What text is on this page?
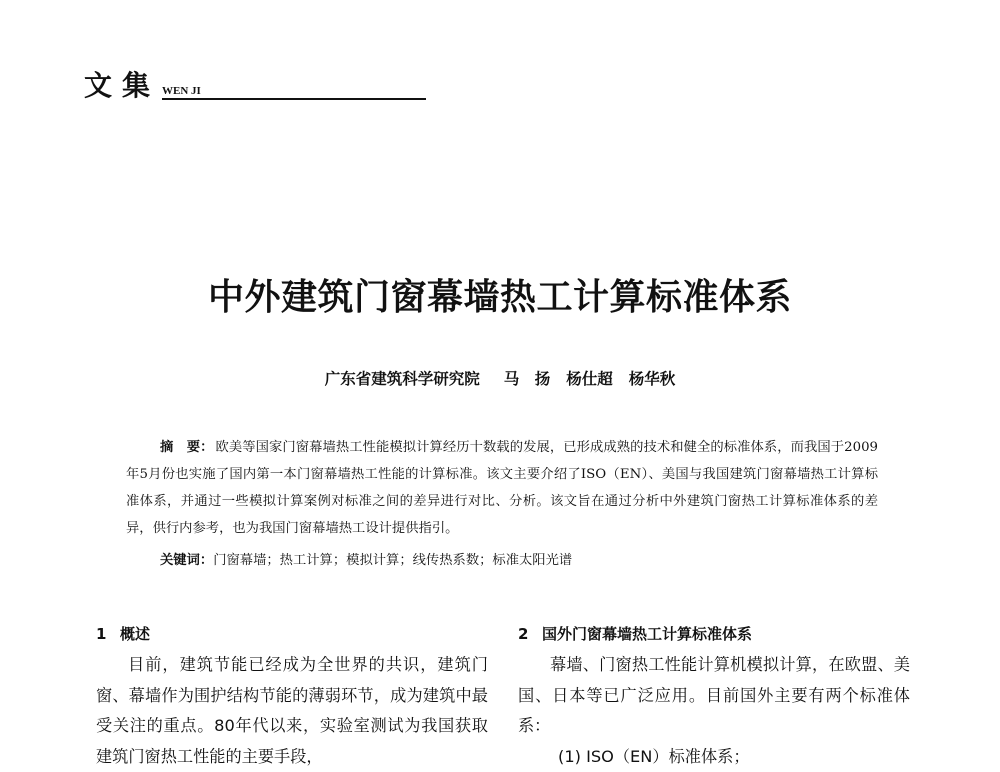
文集 WEN JI
中外建筑门窗幕墙热工计算标准体系
广东省建筑科学研究院 马　扬 杨仕超 杨华秋

摘　要： 欧美等国家门窗幕墙热工性能模拟计算经历十数载的发展，已形成成熟的技术和健全的标准体系，而我国于2009年5月份也实施了国内第一本门窗幕墙热工性能的计算标准。该文主要介绍了ISO（EN）、美国与我国建筑门窗幕墙热工计算标准体系，并通过一些模拟计算案例对标准之间的差异进行对比、分析。该文旨在通过分析中外建筑门窗热工计算标准体系的差异，供行内参考，也为我国门窗幕墙热工设计提供指引。

关键词：门窗幕墙；热工计算；模拟计算；线传热系数；标准太阳光谱
1 概述

目前，建筑节能已经成为全世界的共识，建筑门窗、幕墙作为围护结构节能的薄弱环节，成为建筑中最受关注的重点。80年代以来，实验室测试为我国获取建筑门窗热工性能的主要手段，

2 国外门窗幕墙热工计算标准体系

幕墙、门窗热工性能计算机模拟计算，在欧盟、美国、日本等已广泛应用。目前国外主要有两个标准体系：

(1) ISO（EN）标准体系；
